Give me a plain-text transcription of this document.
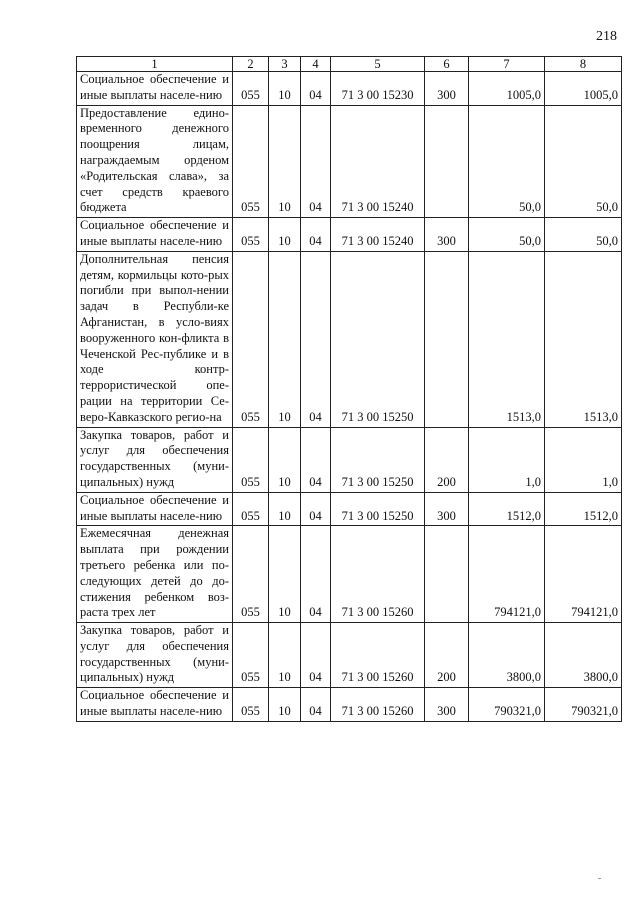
218
1	2	3	4	5	6	7	8
Социальное обеспечение и иные выплаты населе-нию	055	10	04	71 3 00 15230	300	1005,0	1005,0
Предоставление едино-временного денежного поощрения лицам, награждаемым орденом «Родительская слава», за счет средств краевого бюджета	055	10	04	71 3 00 15240		50,0	50,0
Социальное обеспечение и иные выплаты населе-нию	055	10	04	71 3 00 15240	300	50,0	50,0
Дополнительная пенсия детям, кормильцы кото-рых погибли при выпол-нении задач в Республи-ке Афганистан, в усло-виях вооруженного кон-фликта в Чеченской Рес-публике и в ходе контр-террористической опе-рации на территории Се-веро-Кавказского регио-на	055	10	04	71 3 00 15250		1513,0	1513,0
Закупка товаров, работ и услуг для обеспечения государственных (муни-ципальных) нужд	055	10	04	71 3 00 15250	200	1,0	1,0
Социальное обеспечение и иные выплаты населе-нию	055	10	04	71 3 00 15250	300	1512,0	1512,0
Ежемесячная денежная выплата при рождении третьего ребенка или по-следующих детей до до-стижения ребенком воз-раста трех лет	055	10	04	71 3 00 15260		794121,0	794121,0
Закупка товаров, работ и услуг для обеспечения государственных (муни-ципальных) нужд	055	10	04	71 3 00 15260	200	3800,0	3800,0
Социальное обеспечение и иные выплаты населе-нию	055	10	04	71 3 00 15260	300	790321,0	790321,0
